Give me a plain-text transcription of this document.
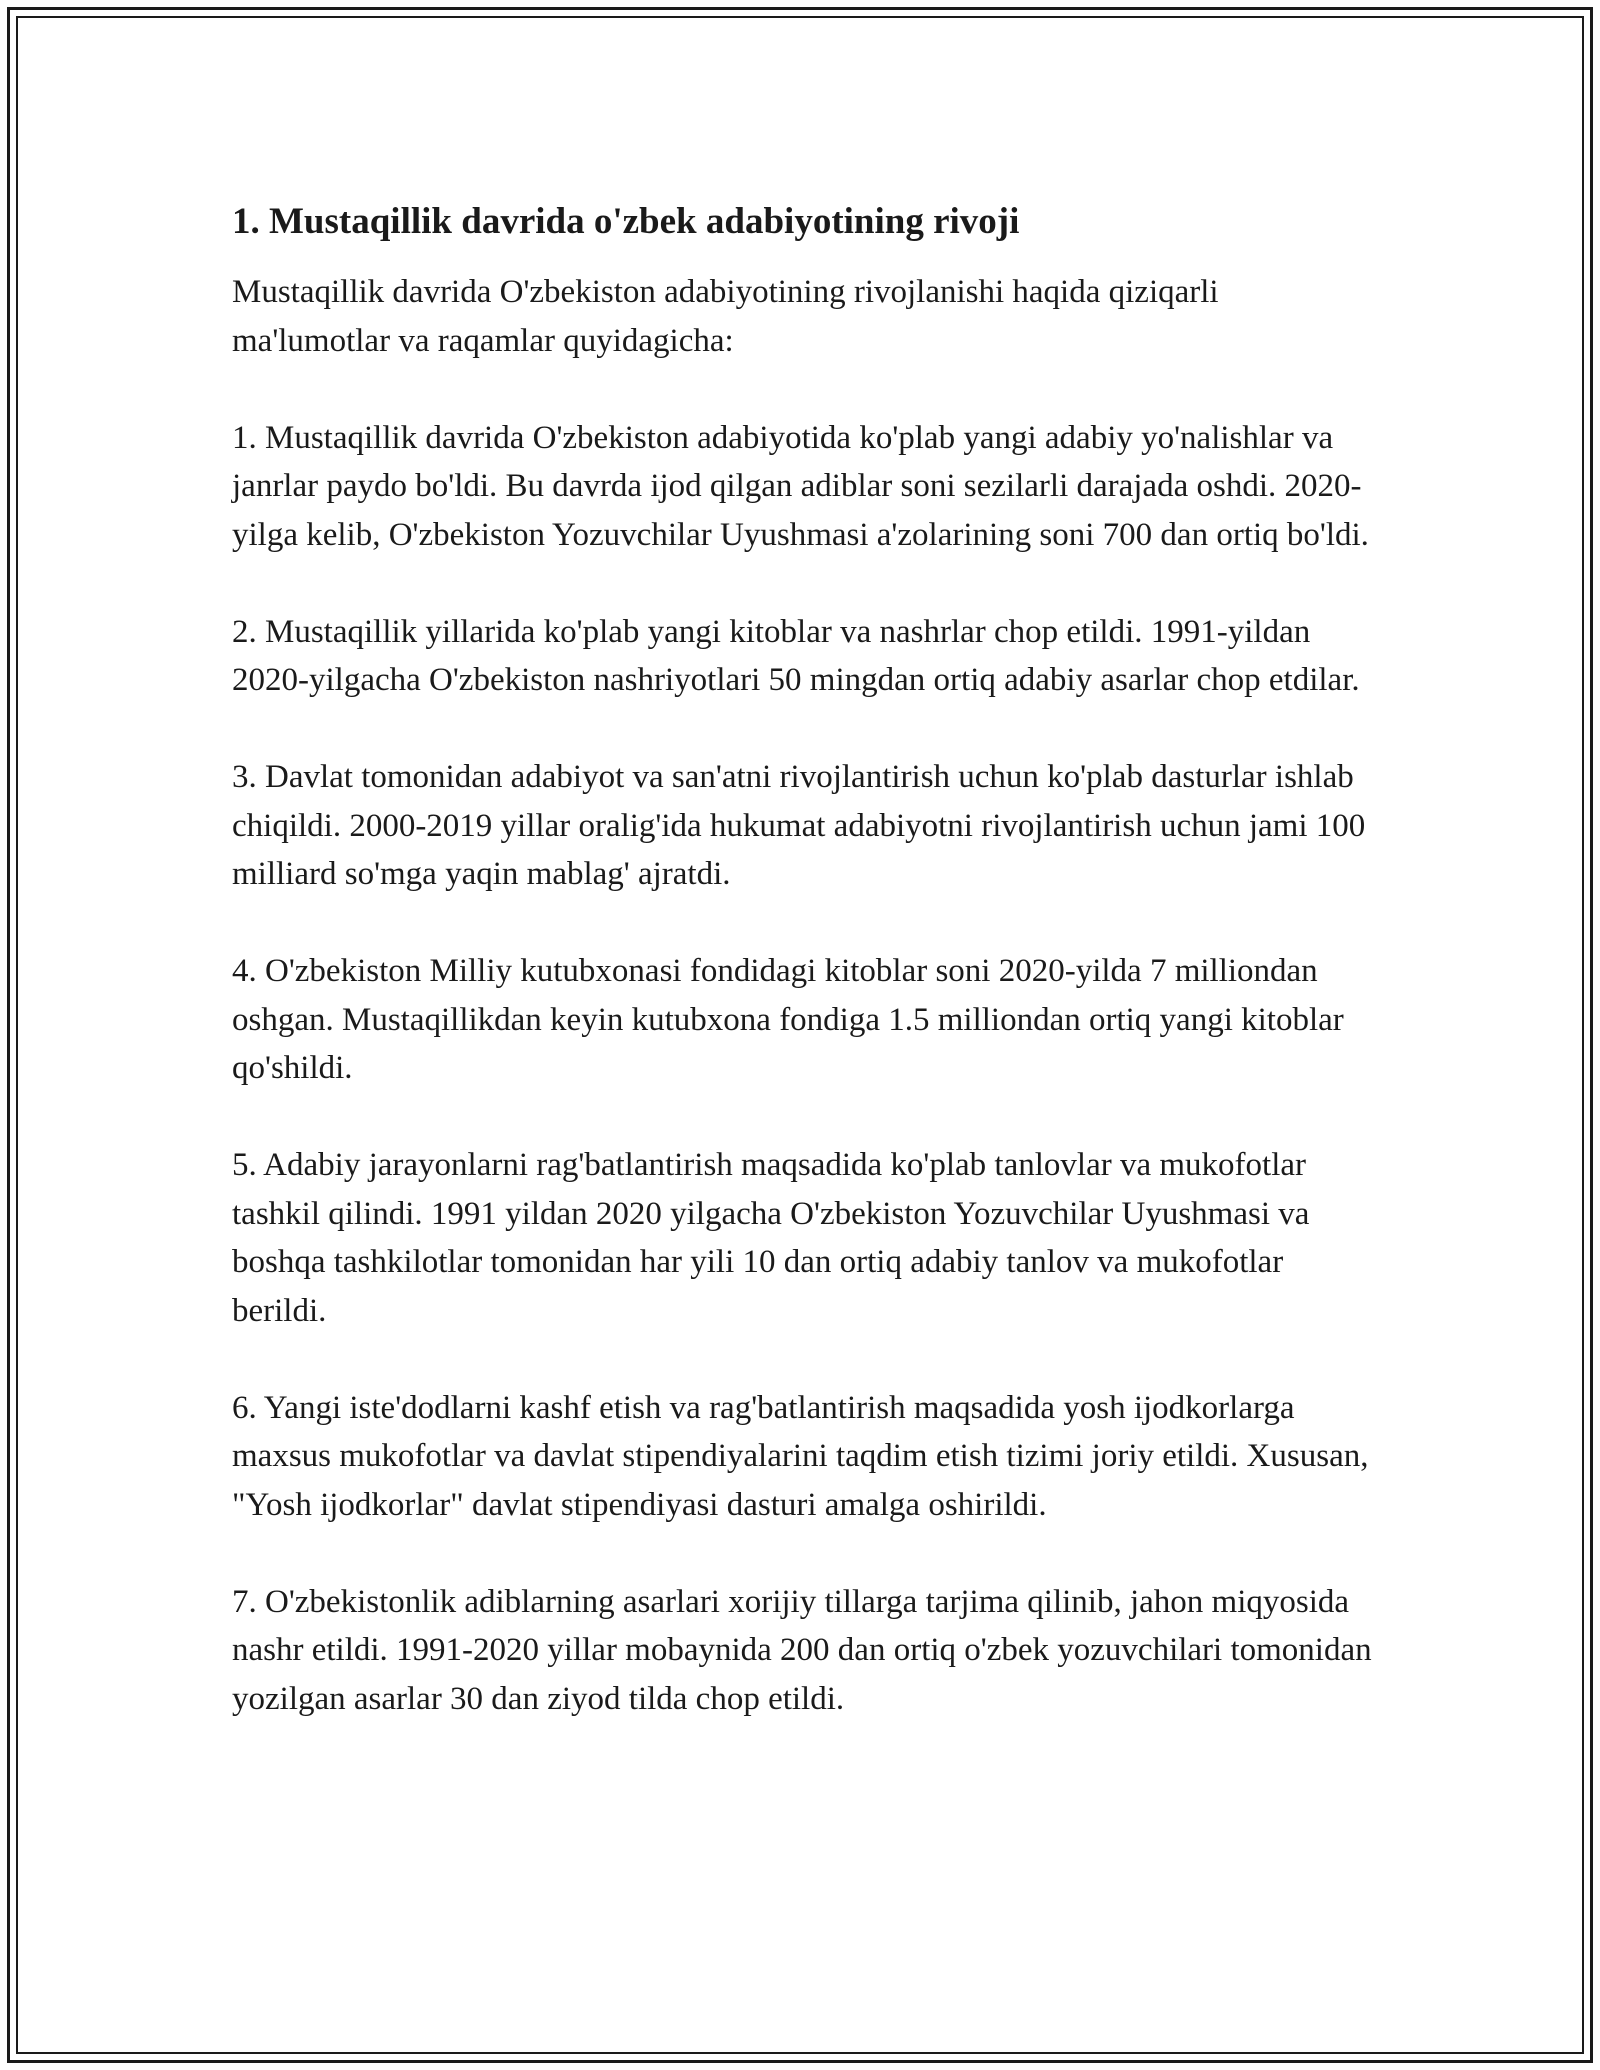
1. Mustaqillik davrida o'zbek adabiyotining rivoji
Mustaqillik davrida O'zbekiston adabiyotining rivojlanishi haqida qiziqarli ma'lumotlar va raqamlar quyidagicha:
1. Mustaqillik davrida O'zbekiston adabiyotida ko'plab yangi adabiy yo'nalishlar va janrlar paydo bo'ldi. Bu davrda ijod qilgan adiblar soni sezilarli darajada oshdi. 2020-yilga kelib, O'zbekiston Yozuvchilar Uyushmasi a'zolarining soni 700 dan ortiq bo'ldi.
2. Mustaqillik yillarida ko'plab yangi kitoblar va nashrlar chop etildi. 1991-yildan 2020-yilgacha O'zbekiston nashriyotlari 50 mingdan ortiq adabiy asarlar chop etdilar.
3. Davlat tomonidan adabiyot va san'atni rivojlantirish uchun ko'plab dasturlar ishlab chiqildi. 2000-2019 yillar oralig'ida hukumat adabiyotni rivojlantirish uchun jami 100 milliard so'mga yaqin mablag' ajratdi.
4. O'zbekiston Milliy kutubxonasi fondidagi kitoblar soni 2020-yilda 7 milliondan oshgan. Mustaqillikdan keyin kutubxona fondiga 1.5 milliondan ortiq yangi kitoblar qo'shildi.
5. Adabiy jarayonlarni rag'batlantirish maqsadida ko'plab tanlovlar va mukofotlar tashkil qilindi. 1991 yildan 2020 yilgacha O'zbekiston Yozuvchilar Uyushmasi va boshqa tashkilotlar tomonidan har yili 10 dan ortiq adabiy tanlov va mukofotlar berildi.
6. Yangi iste'dodlarni kashf etish va rag'batlantirish maqsadida yosh ijodkorlarga maxsus mukofotlar va davlat stipendiyalarini taqdim etish tizimi joriy etildi. Xususan, "Yosh ijodkorlar" davlat stipendiyasi dasturi amalga oshirildi.
7. O'zbekistonlik adiblarning asarlari xorijiy tillarga tarjima qilinib, jahon miqyosida nashr etildi. 1991-2020 yillar mobaynida 200 dan ortiq o'zbek yozuvchilari tomonidan yozilgan asarlar 30 dan ziyod tilda chop etildi.
